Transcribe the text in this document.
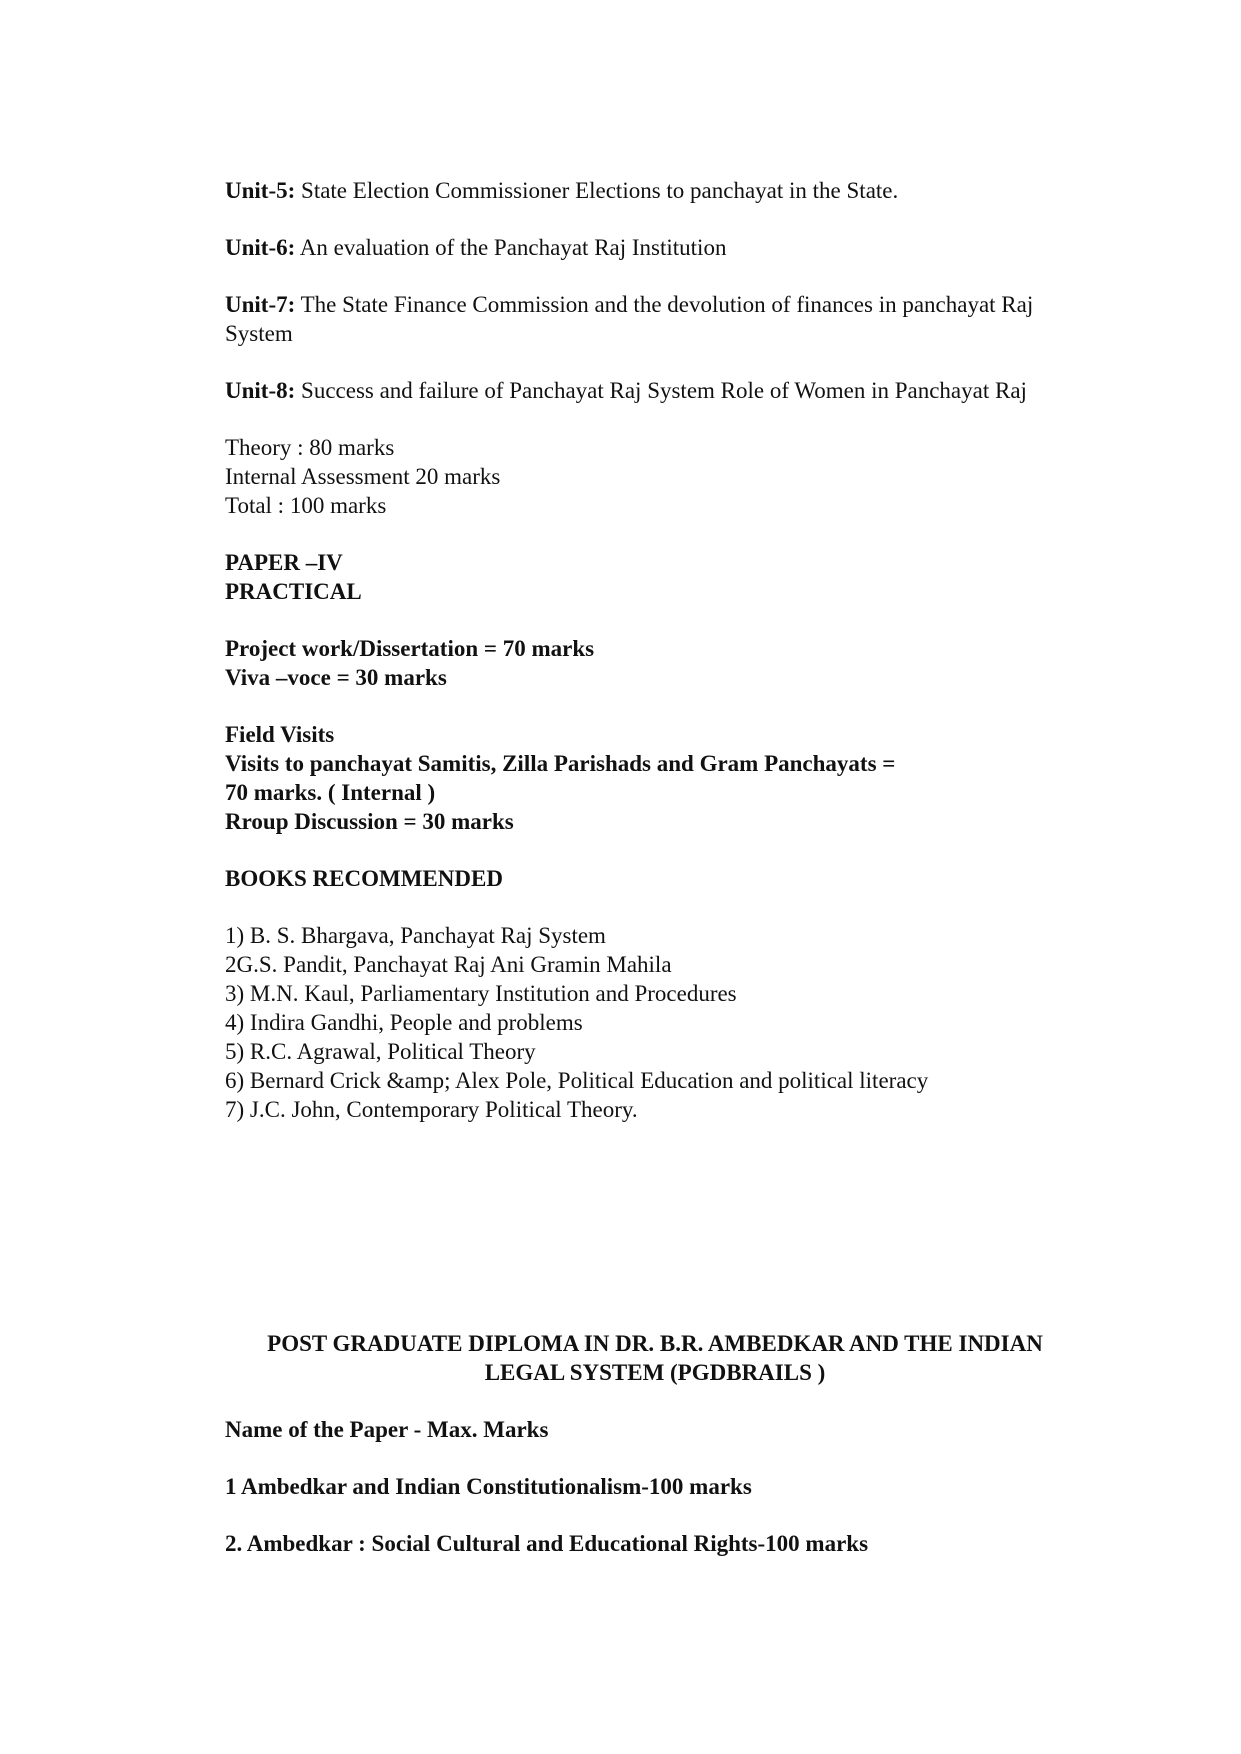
Unit-5: State Election Commissioner Elections to panchayat in the State.

Unit-6: An evaluation of the Panchayat Raj Institution

Unit-7: The State Finance Commission and the devolution of finances in panchayat Raj System

Unit-8: Success and failure of Panchayat Raj System Role of Women in Panchayat Raj

Theory : 80 marks

Internal Assessment 20 marks

Total : 100 marks

PAPER –IV

PRACTICAL

Project work/Dissertation = 70 marks

Viva –voce = 30 marks

Field Visits

Visits to panchayat Samitis, Zilla Parishads and Gram Panchayats =

70 marks. ( Internal )

Rroup Discussion = 30 marks

BOOKS RECOMMENDED

1) B. S. Bhargava, Panchayat Raj System

2G.S. Pandit, Panchayat Raj Ani Gramin Mahila

3) M.N. Kaul, Parliamentary Institution and Procedures

4) Indira Gandhi, People and problems

5) R.C. Agrawal, Political Theory

6) Bernard Crick &amp; Alex Pole, Political Education and political literacy

7) J.C. John, Contemporary Political Theory.

POST GRADUATE DIPLOMA IN DR. B.R. AMBEDKAR AND THE INDIAN

LEGAL SYSTEM (PGDBRAILS )

Name of the Paper - Max. Marks

1 Ambedkar and Indian Constitutionalism-100 marks

2. Ambedkar : Social Cultural and Educational Rights-100 marks
